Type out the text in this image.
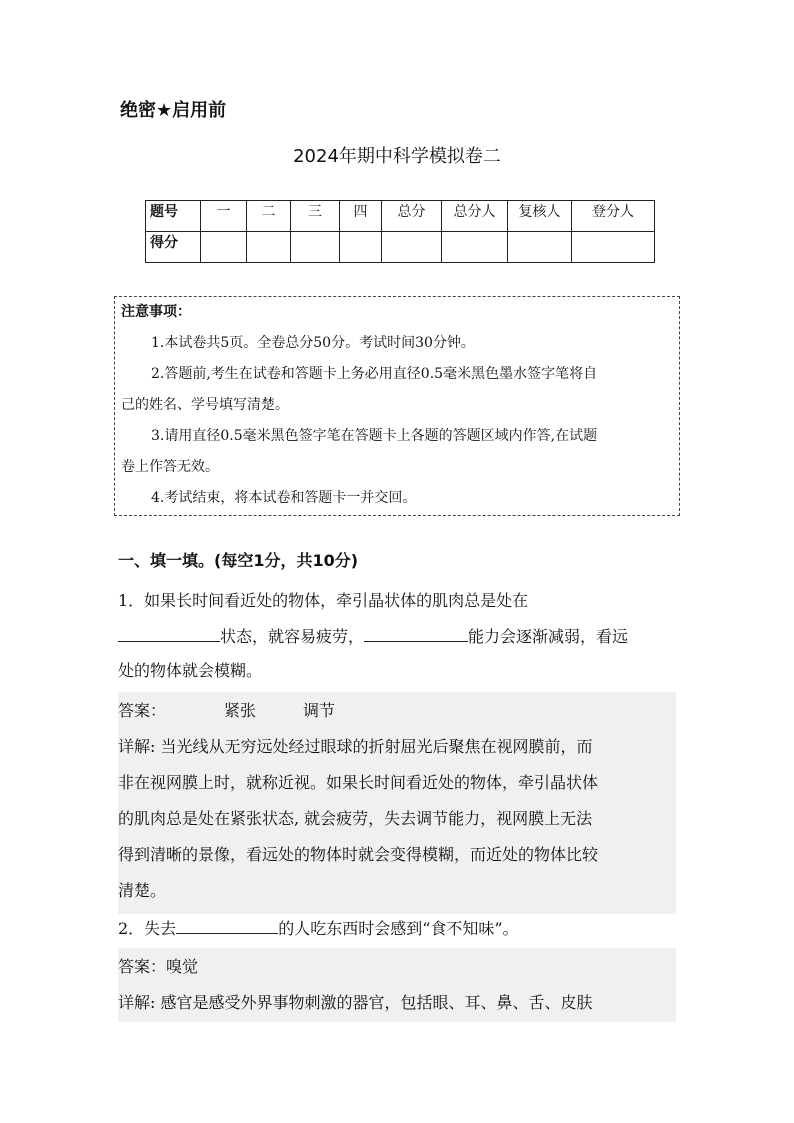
绝密★启用前
2024年期中科学模拟卷二
题号	一	二	三	四	总分	总分人	复核人	登分人
得分								
注意事项：
1.本试卷共5页。全卷总分50分。考试时间30分钟。
2.答题前,考生在试卷和答题卡上务必用直径0.5毫米黑色墨水签字笔将自
己的姓名、学号填写清楚。
3.请用直径0.5毫米黑色签字笔在答题卡上各题的答题区域内作答,在试题
卷上作答无效。
4.考试结束，将本试卷和答题卡一并交回。
一、填一填。(每空1分，共10分)
1．如果长时间看近处的物体，牵引晶状体的肌肉总是处在
状态，就容易疲劳，	能力会逐渐减弱，看远
处的物体就会模糊。
答案：	紧张	调节
详解: 当光线从无穷远处经过眼球的折射屈光后聚焦在视网膜前，而
非在视网膜上时，就称近视。如果长时间看近处的物体，牵引晶状体
的肌肉总是处在紧张状态, 就会疲劳，失去调节能力，视网膜上无法
得到清晰的景像，看远处的物体时就会变得模糊，而近处的物体比较
清楚。
2．失去	的人吃东西时会感到“食不知味”。
答案：嗅觉
详解: 感官是感受外界事物刺激的器官，包括眼、耳、鼻、舌、皮肤
